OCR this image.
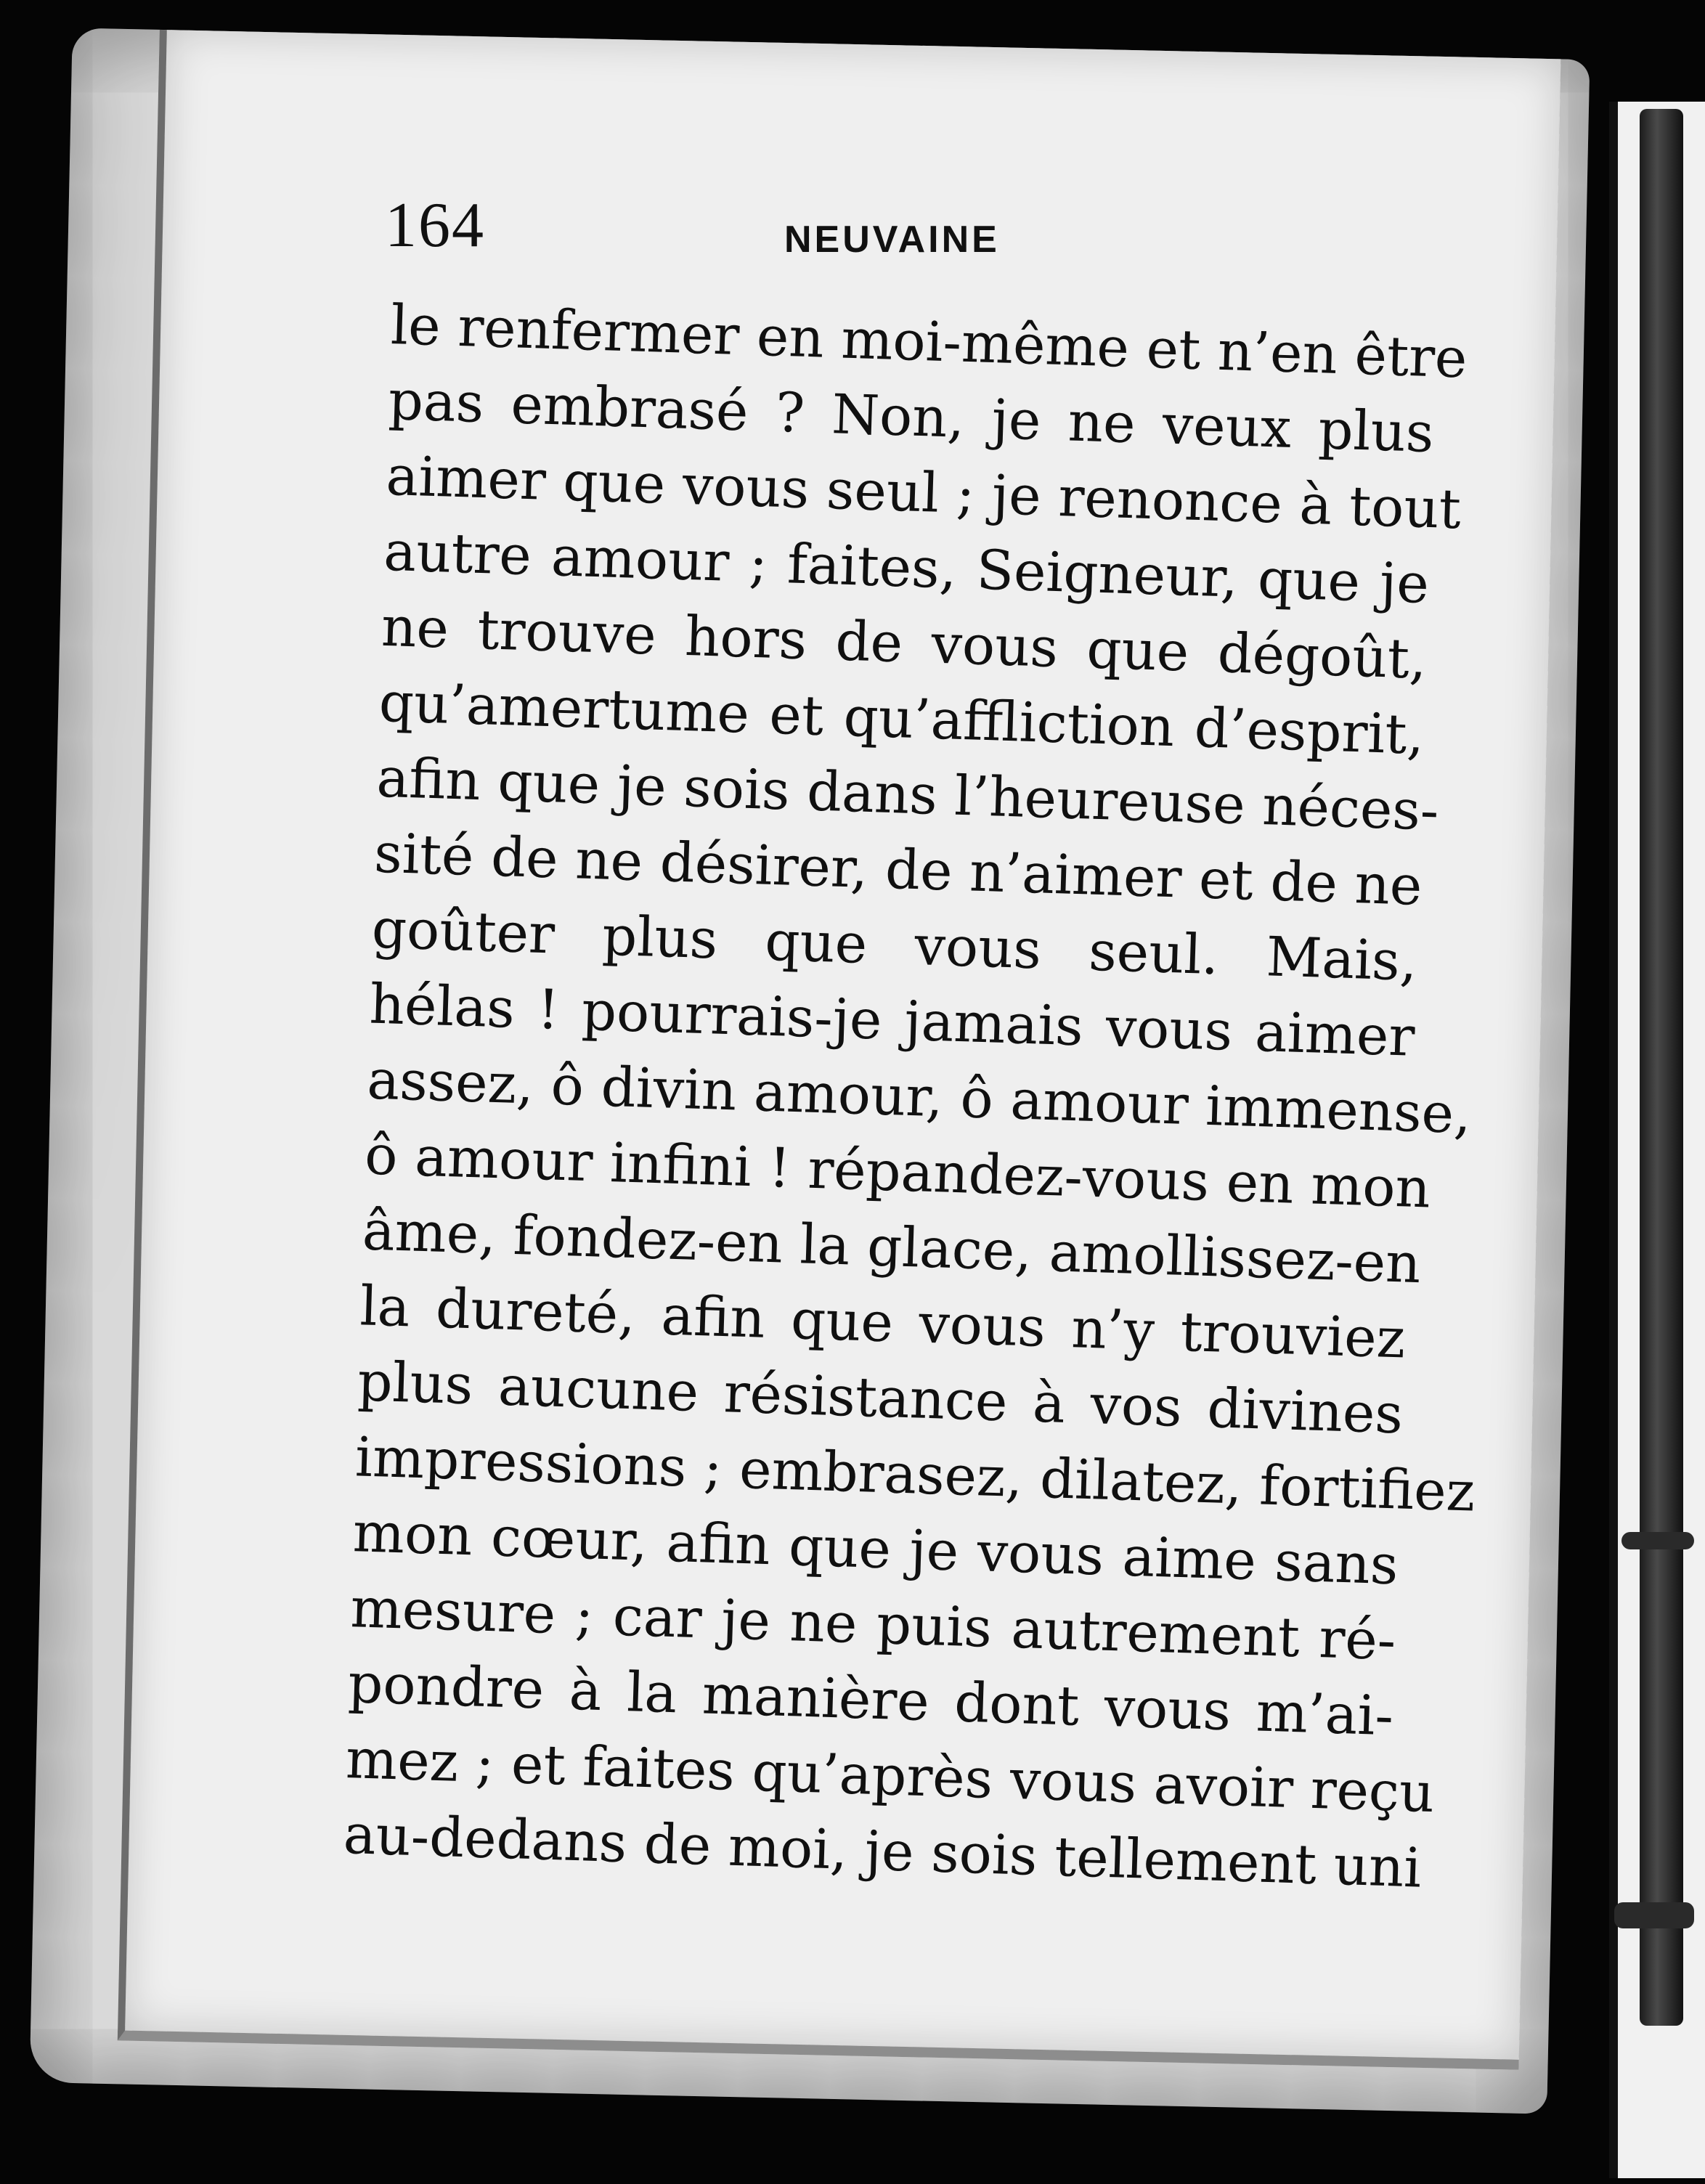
164	NEUVAINE
le renfermer en moi-même et n’en être
pas embrasé ? Non, je ne veux plus
aimer que vous seul ; je renonce à tout
autre amour ; faites, Seigneur, que je
ne trouve hors de vous que dégoût,
qu’amertume et qu’affliction d’esprit,
afin que je sois dans l’heureuse néces-
sité de ne désirer, de n’aimer et de ne
goûter plus que vous seul. Mais,
hélas ! pourrais-je jamais vous aimer
assez, ô divin amour, ô amour immense,
ô amour infini ! répandez-vous en mon
âme, fondez-en la glace, amollissez-en
la dureté, afin que vous n’y trouviez
plus aucune résistance à vos divines
impressions ; embrasez, dilatez, fortifiez
mon cœur, afin que je vous aime sans
mesure ; car je ne puis autrement ré-
pondre à la manière dont vous m’ai-
mez ; et faites qu’après vous avoir reçu
au-dedans de moi, je sois tellement uni
